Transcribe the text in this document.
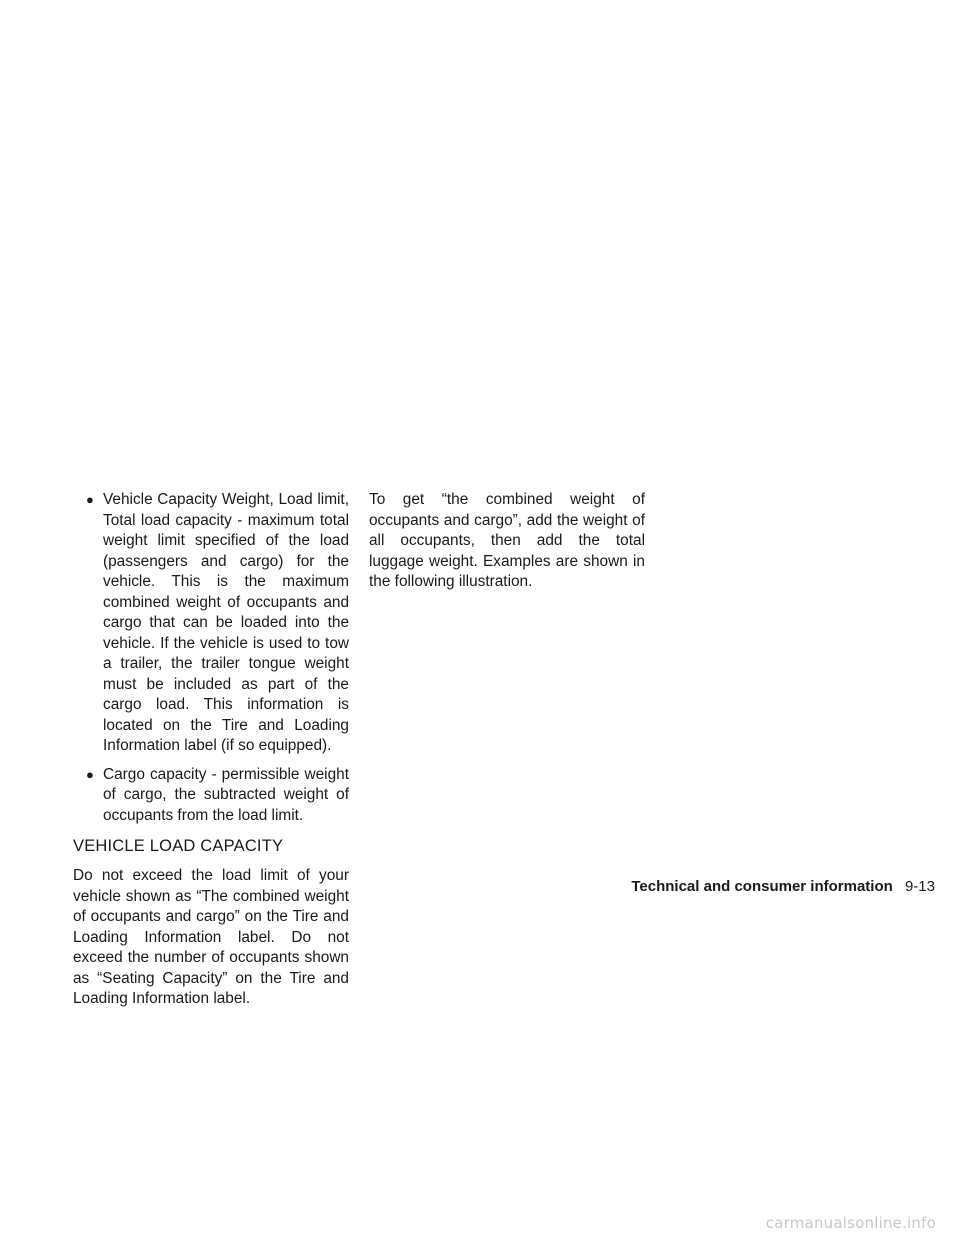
● Vehicle Capacity Weight, Load limit, Total load capacity - maximum total weight limit specified of the load (passengers and cargo) for the vehicle. This is the maximum combined weight of occupants and cargo that can be loaded into the vehicle. If the vehicle is used to tow a trailer, the trailer tongue weight must be included as part of the cargo load. This information is located on the Tire and Loading Information label (if so equipped).
● Cargo capacity - permissible weight of cargo, the subtracted weight of occupants from the load limit.
VEHICLE LOAD CAPACITY

Do not exceed the load limit of your vehicle shown as “The combined weight of occupants and cargo” on the Tire and Loading Information label. Do not exceed the number of occupants shown as “Seating Capacity” on the Tire and Loading Information label.

To get “the combined weight of occupants and cargo”, add the weight of all occupants, then add the total luggage weight. Examples are shown in the following illustration.

Technical and consumer information 9-13
carmanualsonline.info
